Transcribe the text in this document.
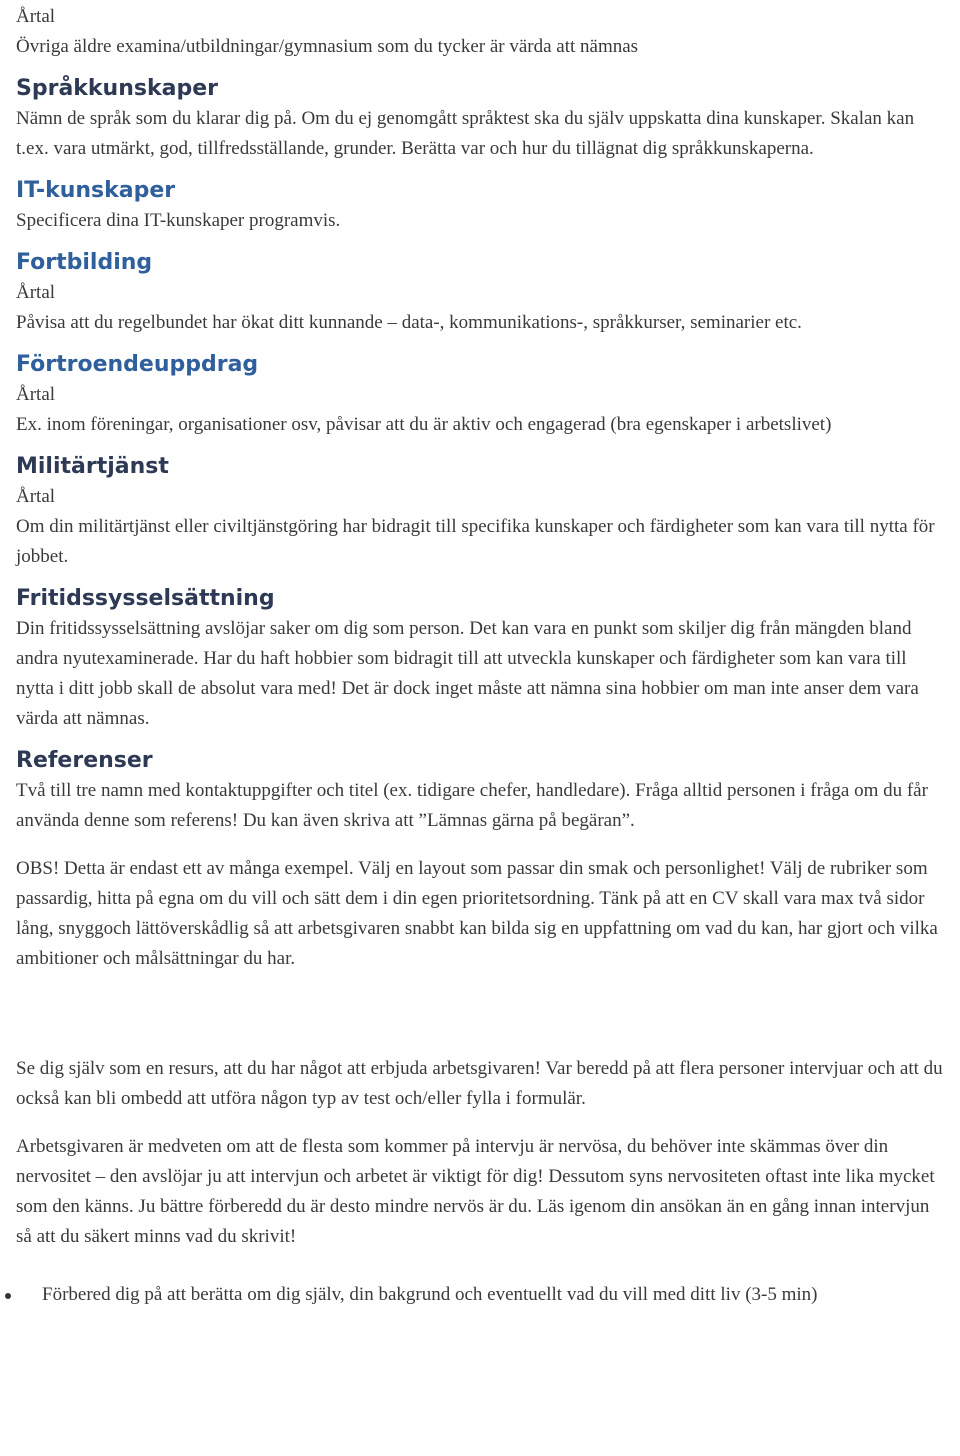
Årtal

Övriga äldre examina/utbildningar/gymnasium som du tycker är värda att nämnas

Språkkunskaper

Nämn de språk som du klarar dig på. Om du ej genomgått språktest ska du själv uppskatta dina kunskaper. Skalan kan t.ex. vara utmärkt, god, tillfredsställande, grunder. Berätta var och hur du tillägnat dig språkkunskaperna.

IT-kunskaper

Specificera dina IT-kunskaper programvis.

Fortbilding

Årtal

Påvisa att du regelbundet har ökat ditt kunnande – data-, kommunikations-, språkkurser, seminarier etc.

Förtroendeuppdrag

Årtal

Ex. inom föreningar, organisationer osv, påvisar att du är aktiv och engagerad (bra egenskaper i arbetslivet)

Militärtjänst

Årtal

Om din militärtjänst eller civiltjänstgöring har bidragit till specifika kunskaper och färdigheter som kan vara till nytta för jobbet.

Fritidssysselsättning

Din fritidssysselsättning avslöjar saker om dig som person. Det kan vara en punkt som skiljer dig från mängden bland andra nyutexaminerade. Har du haft hobbier som bidragit till att utveckla kunskaper och färdigheter som kan vara till nytta i ditt jobb skall de absolut vara med! Det är dock inget måste att nämna sina hobbier om man inte anser dem vara värda att nämnas.

Referenser

Två till tre namn med kontaktuppgifter och titel (ex. tidigare chefer, handledare). Fråga alltid personen i fråga om du får använda denne som referens! Du kan även skriva att ”Lämnas gärna på begäran”.

OBS! Detta är endast ett av många exempel. Välj en layout som passar din smak och personlighet! Välj de rubriker som passardig, hitta på egna om du vill och sätt dem i din egen prioritetsordning. Tänk på att en CV skall vara max två sidor lång, snyggoch lättöverskådlig så att arbetsgivaren snabbt kan bilda sig en uppfattning om vad du kan, har gjort och vilka ambitioner och målsättningar du har.

Se dig själv som en resurs, att du har något att erbjuda arbetsgivaren! Var beredd på att flera personer intervjuar och att du också kan bli ombedd att utföra någon typ av test och/eller fylla i formulär.

Arbetsgivaren är medveten om att de flesta som kommer på intervju är nervösa, du behöver inte skämmas över din nervositet – den avslöjar ju att intervjun och arbetet är viktigt för dig! Dessutom syns nervositeten oftast inte lika mycket som den känns. Ju bättre förberedd du är desto mindre nervös är du. Läs igenom din ansökan än en gång innan intervjun så att du säkert minns vad du skrivit!

Förbered dig på att berätta om dig själv, din bakgrund och eventuellt vad du vill med ditt liv (3-5 min)
